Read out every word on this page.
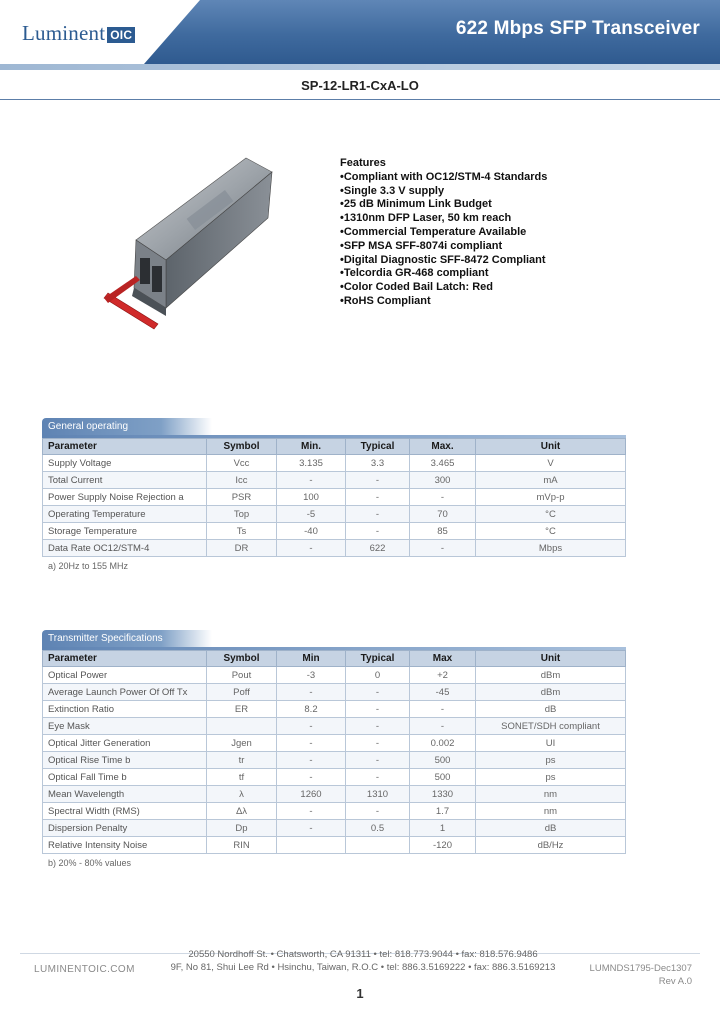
Luminent OIC	622 Mbps SFP Transceiver
SP-12-LR1-CxA-LO
Features
• Compliant with OC12/STM-4 Standards
• Single 3.3 V supply
• 25 dB Minimum Link Budget
• 1310nm DFP Laser, 50 km reach
• Commercial Temperature Available
• SFP MSA SFF-8074i compliant
• Digital Diagnostic SFF-8472 Compliant
• Telcordia GR-468 compliant
• Color Coded Bail Latch: Red
• RoHS Compliant
General operating
Parameter	Symbol	Min.	Typical	Max.	Unit
Supply Voltage	Vcc	3.135	3.3	3.465	V
Total Current	Icc	-	-	300	mA
Power Supply Noise Rejection a	PSR	100	-	-	mVp-p
Operating Temperature	Top	-5	-	70	°C
Storage Temperature	Ts	-40	-	85	°C
Data Rate OC12/STM-4	DR	-	622	-	Mbps
a) 20Hz to 155 MHz
Transmitter Specifications
Parameter	Symbol	Min	Typical	Max	Unit
Optical Power	Pout	-3	0	+2	dBm
Average Launch Power Of Off Tx	Poff	-	-	-45	dBm
Extinction Ratio	ER	8.2	-	-	dB
Eye Mask		-	-	-	SONET/SDH compliant
Optical Jitter Generation	Jgen	-	-	0.002	UI
Optical Rise Time b	tr	-	-	500	ps
Optical Fall Time b	tf	-	-	500	ps
Mean Wavelength	λ	1260	1310	1330	nm
Spectral Width (RMS)	Δλ	-	-	1.7	nm
Dispersion Penalty	Dp	-	0.5	1	dB
Relative Intensity Noise	RIN			-120	dB/Hz
b) 20% - 80% values
LUMINENTOIC.COM
20550 Nordhoff St. • Chatsworth, CA 91311 • tel: 818.773.9044 • fax: 818.576.9486
9F, No 81, Shui Lee Rd • Hsinchu, Taiwan, R.O.C • tel: 886.3.5169222 • fax: 886.3.5169213	LUMNDS1795-Dec1307
Rev A.0
1
